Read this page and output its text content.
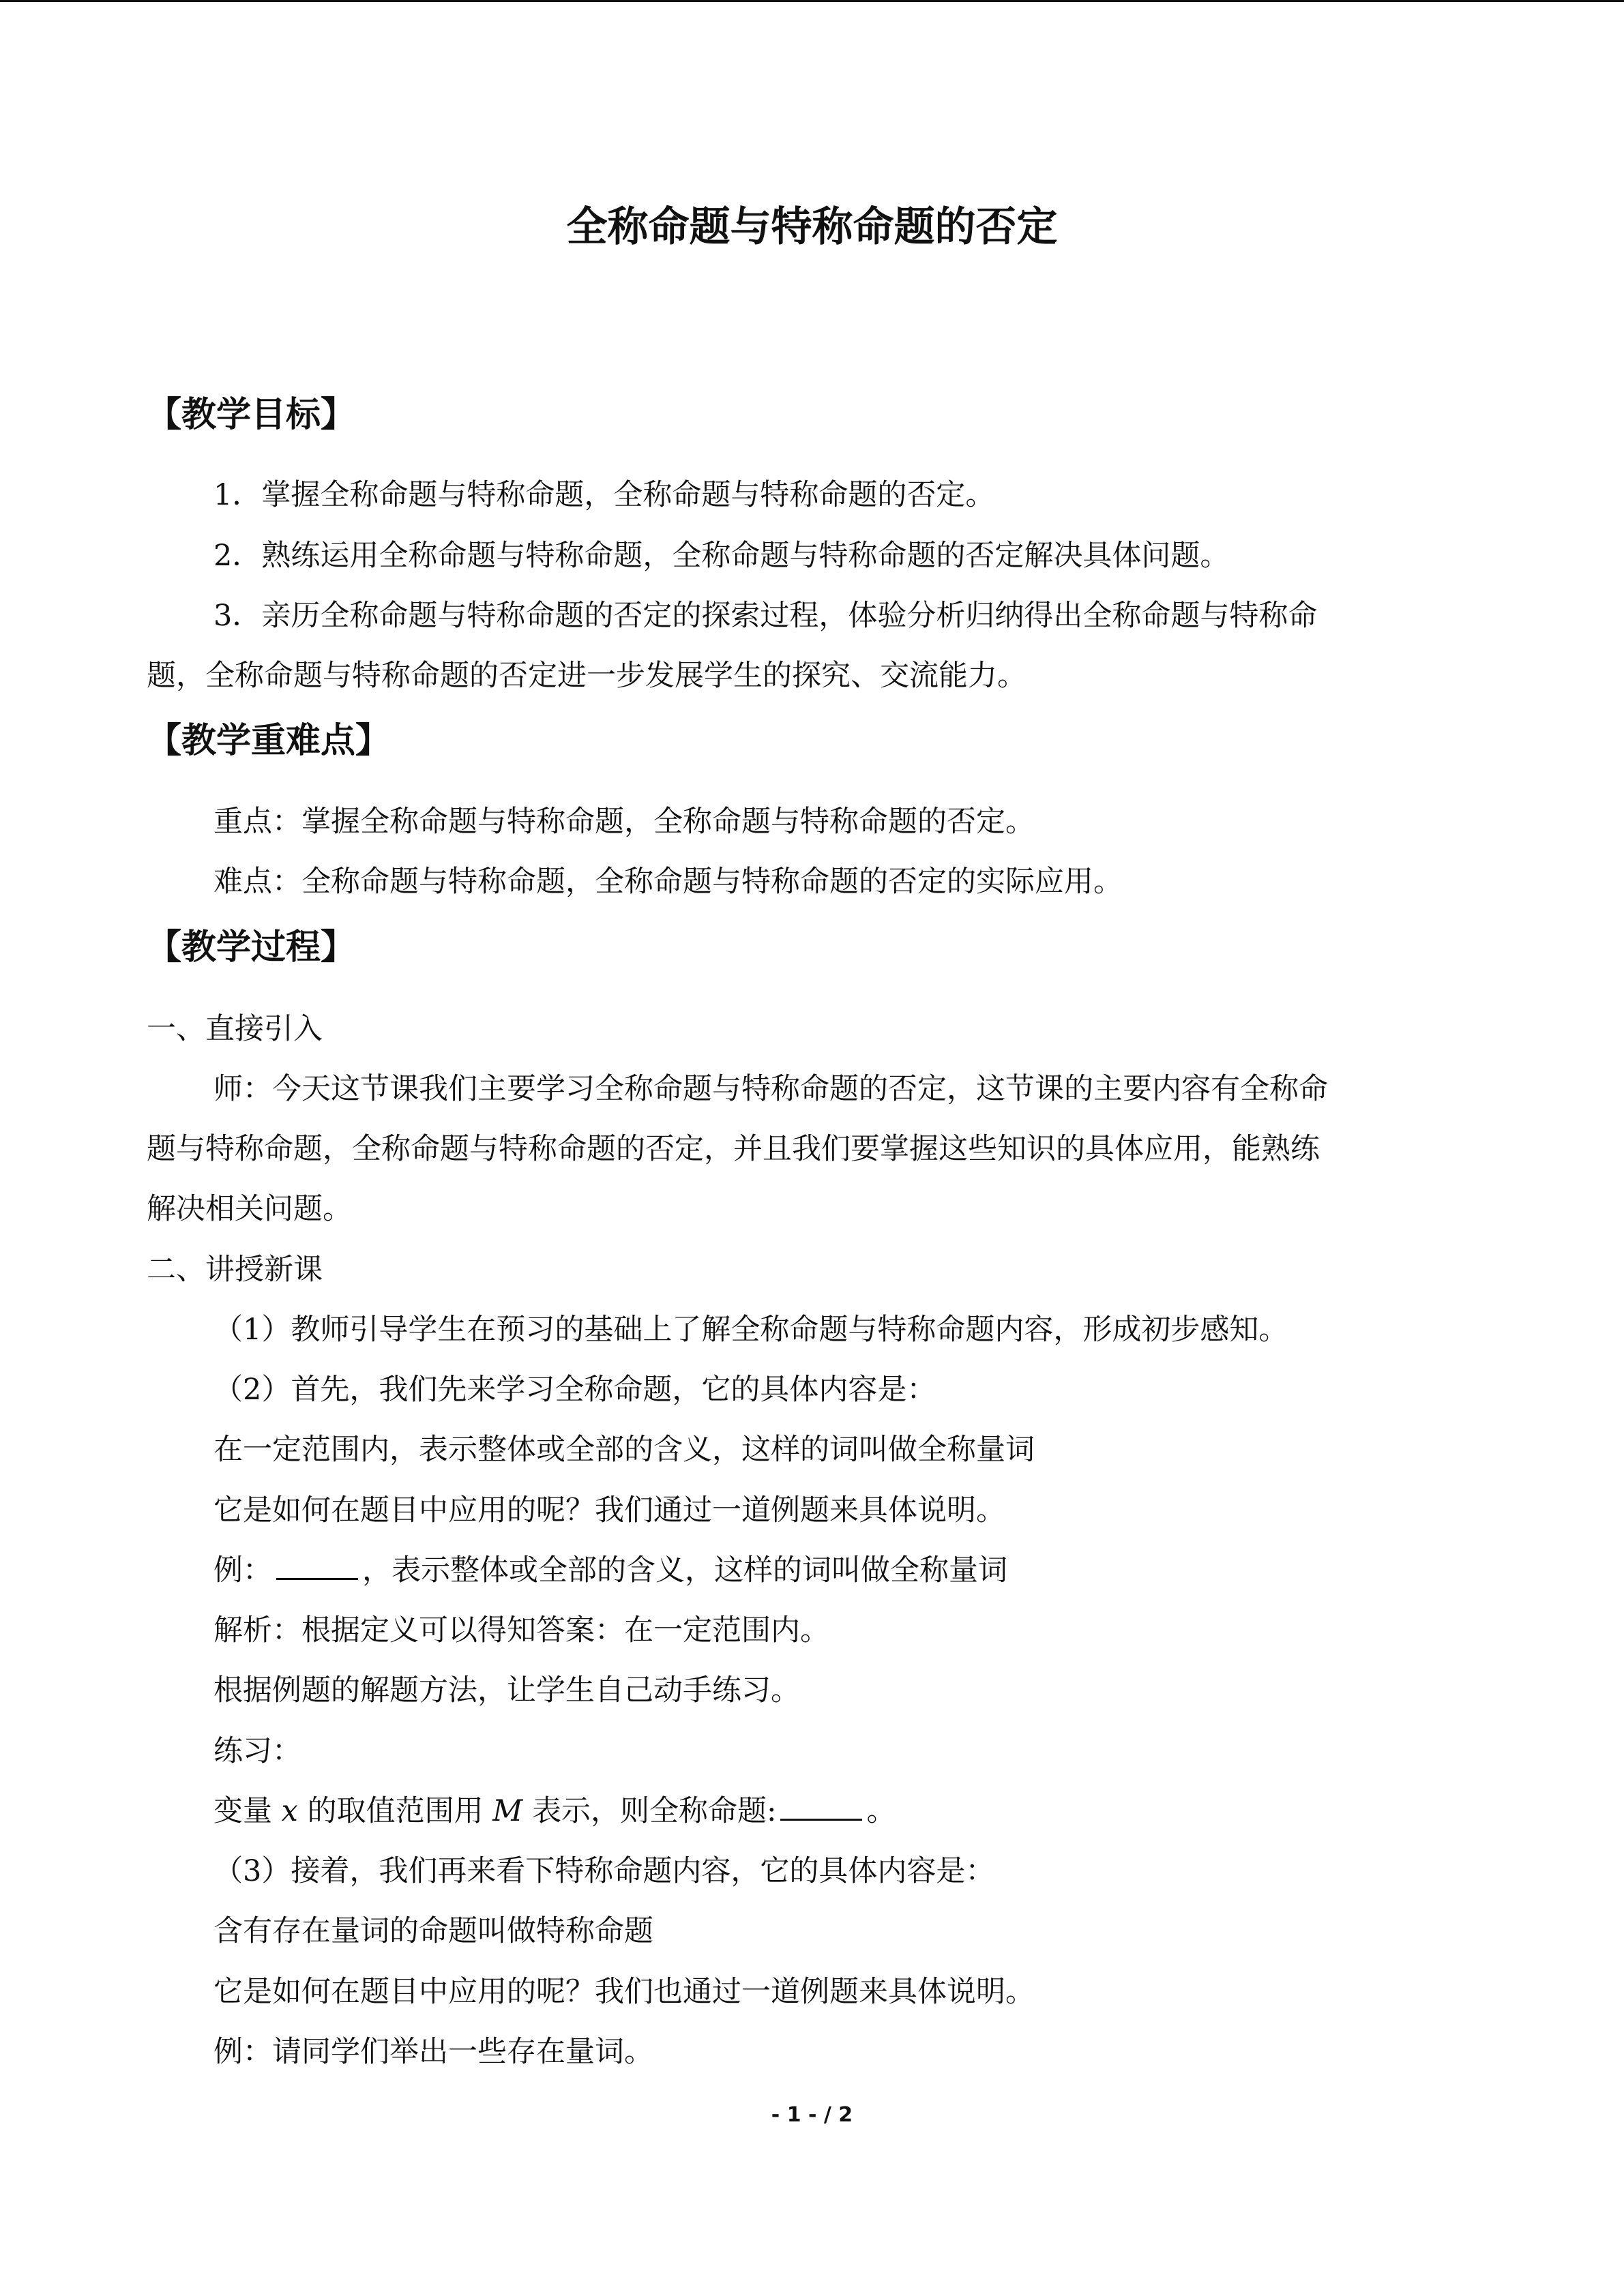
全称命题与特称命题的否定
【教学目标】
1．掌握全称命题与特称命题，全称命题与特称命题的否定。
2．熟练运用全称命题与特称命题，全称命题与特称命题的否定解决具体问题。
3．亲历全称命题与特称命题的否定的探索过程，体验分析归纳得出全称命题与特称命
题，全称命题与特称命题的否定进一步发展学生的探究、交流能力。
【教学重难点】
重点：掌握全称命题与特称命题，全称命题与特称命题的否定。
难点：全称命题与特称命题，全称命题与特称命题的否定的实际应用。
【教学过程】
一、直接引入
师：今天这节课我们主要学习全称命题与特称命题的否定，这节课的主要内容有全称命
题与特称命题，全称命题与特称命题的否定，并且我们要掌握这些知识的具体应用，能熟练
解决相关问题。
二、讲授新课
（1）教师引导学生在预习的基础上了解全称命题与特称命题内容，形成初步感知。
（2）首先，我们先来学习全称命题，它的具体内容是：
在一定范围内，表示整体或全部的含义，这样的词叫做全称量词
它是如何在题目中应用的呢？我们通过一道例题来具体说明。
例：	，表示整体或全部的含义，这样的词叫做全称量词
解析：根据定义可以得知答案：在一定范围内。
根据例题的解题方法，让学生自己动手练习。
练习：
变量 x 的取值范围用 M 表示，则全称命题:	。
（3）接着，我们再来看下特称命题内容，它的具体内容是：
含有存在量词的命题叫做特称命题
它是如何在题目中应用的呢？我们也通过一道例题来具体说明。
例：请同学们举出一些存在量词。
- 1 - / 2
